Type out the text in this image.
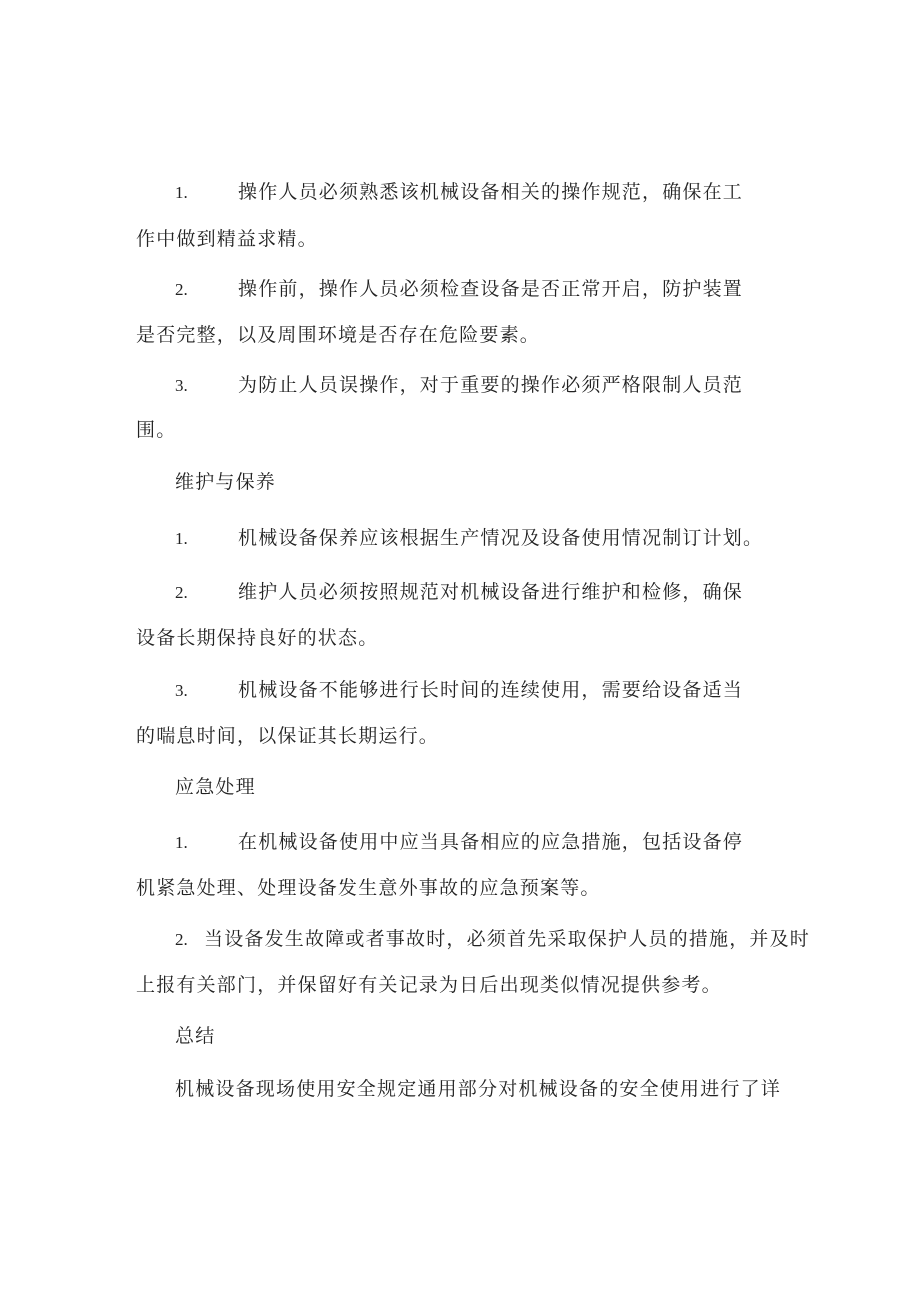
1.	操作人员必须熟悉该机械设备相关的操作规范，确保在工
作中做到精益求精。
2.	操作前，操作人员必须检查设备是否正常开启，防护装置
是否完整，以及周围环境是否存在危险要素。
3.	为防止人员误操作，对于重要的操作必须严格限制人员范
围。
维护与保养
1.	机械设备保养应该根据生产情况及设备使用情况制订计划。
2.	维护人员必须按照规范对机械设备进行维护和检修，确保
设备长期保持良好的状态。
3.	机械设备不能够进行长时间的连续使用，需要给设备适当
的喘息时间，以保证其长期运行。
应急处理
1.	在机械设备使用中应当具备相应的应急措施，包括设备停
机紧急处理、处理设备发生意外事故的应急预案等。
2. 当设备发生故障或者事故时，必须首先采取保护人员的措施，并及时
上报有关部门，并保留好有关记录为日后出现类似情况提供参考。
总结
机械设备现场使用安全规定通用部分对机械设备的安全使用进行了详
